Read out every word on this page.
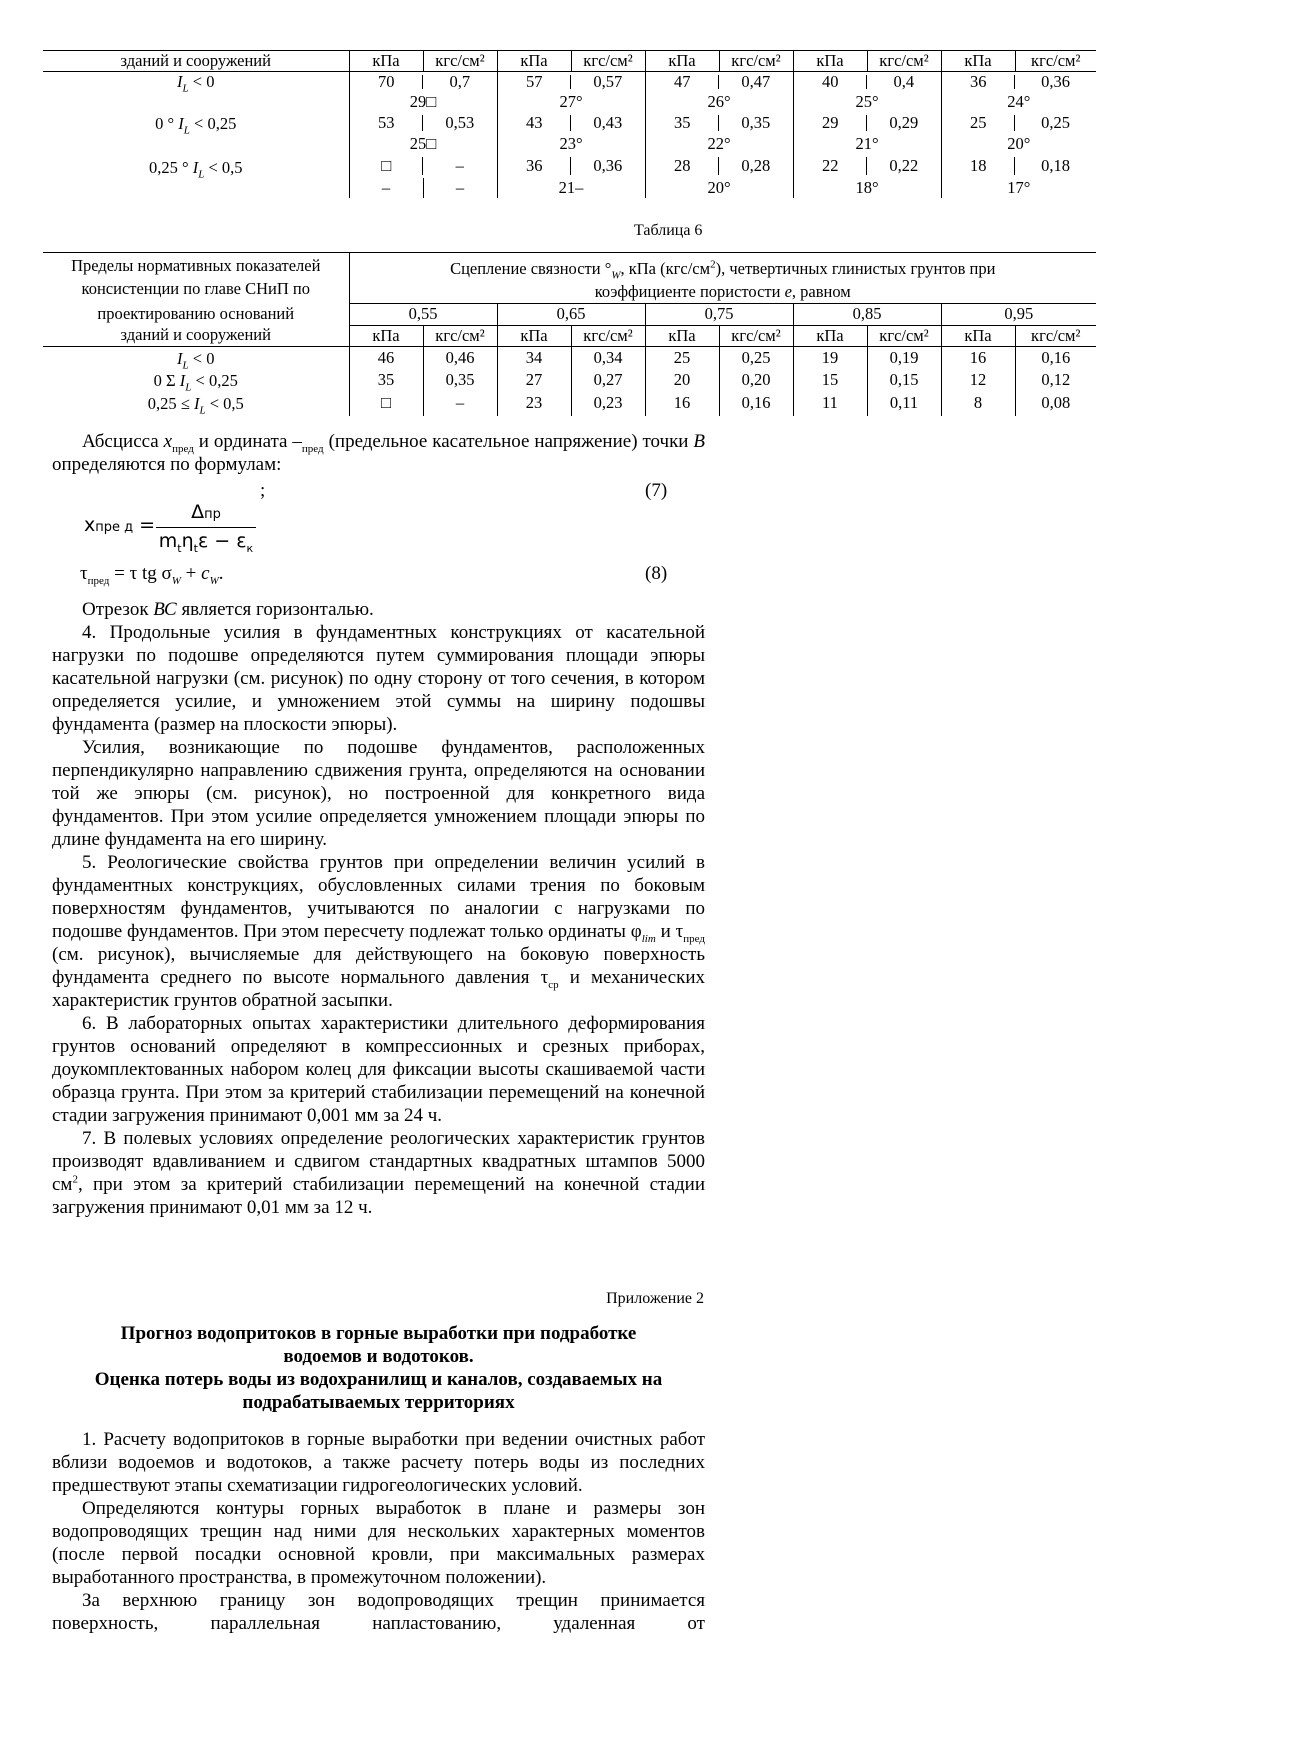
зданий и сооружений	кПа	кгс/см²	кПа	кгс/см²	кПа	кгс/см²	кПа	кгс/см²	кПа	кгс/см²
$I_L < 0$	70	0,7	57	0,57	47	0,47	40	0,4	36	0,36
	29□		27°		26°		25°		24°	
0 ° $I_L < 0,25$	53	0,53	43	0,43	35	0,35	29	0,29	25	0,25
	25□		23°		22°		21°		20°	
0,25 ° $I_L < 0,5$	□	–	36	0,36	28	0,28	22	0,22	18	0,18
	–	–	21–		20°		18°		17°	
Таблица 6
Пределы нормативных показателей
консистенции по главе СНиП по
проектированию оснований	Сцепление связности $^\circ_W$, кПа $(кгс/см^2)$, четвертичных глинистых грунтов при коэффициенте пористости е, равном									
	0,55		0,65		0,75		0,85		0,95	
зданий и сооружений	кПа	кгс/см²	кПа	кгс/см²	кПа	кгс/см²	кПа	кгс/см²	кПа	кгс/см²
$I_L < 0$	46	0,46	34	0,34	25	0,25	19	0,19	16	0,16
0 Σ $I_L < 0,25$	35	0,35	27	0,27	20	0,20	15	0,15	12	0,12
$0,25 \le I_L < 0,5$	□	–	23	0,23	16	0,16	11	0,11	8	0,08

Абсцисса $х_{пред}$ и ордината $-_{пред}$ (предельное касательное напряжение) точки В определяются по формулам:

;	(7)
xпре д =
Δпр
$m_t\eta_t\varepsilon - \varepsilon_к$
$\tau_{пред} = \tau$ tg $\sigma_W + c_W$.	(8)

Отрезок ВС является горизонталью.

4. Продольные усилия в фундаментных конструкциях от касательной нагрузки по подошве определяются путем суммирования площади эпюры касательной нагрузки (см. рисунок) по одну сторону от того сечения, в котором определяется усилие, и умножением этой суммы на ширину подошвы фундамента (размер на плоскости эпюры).

Усилия, возникающие по подошве фундаментов, расположенных перпендикулярно направлению сдвижения грунта, определяются на основании той же эпюры (см. рисунок), но построенной для конкретного вида фундаментов. При этом усилие определяется умножением площади эпюры по длине фундамента на его ширину.

5. Реологические свойства грунтов при определении величин усилий в фундаментных конструкциях, обусловленных силами трения по боковым поверхностям фундаментов, учитываются по аналогии с нагрузками по подошве фундаментов. При этом пересчету подлежат только ординаты $\varphi_{lim}$ и $\tau_{пред}$ (см. рисунок), вычисляемые для действующего на боковую поверхность фундамента среднего по высоте нормального давления $\tau_{ср}$ и механических характеристик грунтов обратной засыпки.

6. В лабораторных опытах характеристики длительного деформирования грунтов оснований определяют в компрессионных и срезных приборах, доукомплектованных набором колец для фиксации высоты скашиваемой части образца грунта. При этом за критерий стабилизации перемещений на конечной стадии загружения принимают 0,001 мм за 24 ч.

7. В полевых условиях определение реологических характеристик грунтов производят вдавливанием и сдвигом стандартных квадратных штампов 5000 $см^2$, при этом за критерий стабилизации перемещений на конечной стадии загружения принимают 0,01 мм за 12 ч.

Приложение 2
Прогноз водопритоков в горные выработки при подработке
водоемов и водотоков.
Оценка потерь воды из водохранилищ и каналов, создаваемых на
подрабатываемых территориях

1. Расчету водопритоков в горные выработки при ведении очистных работ вблизи водоемов и водотоков, а также расчету потерь воды из последних предшествуют этапы схематизации гидрогеологических условий.

Определяются контуры горных выработок в плане и размеры зон водопроводящих трещин над ними для нескольких характерных моментов (после первой посадки основной кровли, при максимальных размерах выработанного пространства, в промежуточном положении).

За верхнюю границу зон водопроводящих трещин принимается поверхность, параллельная напластованию, удаленная от
